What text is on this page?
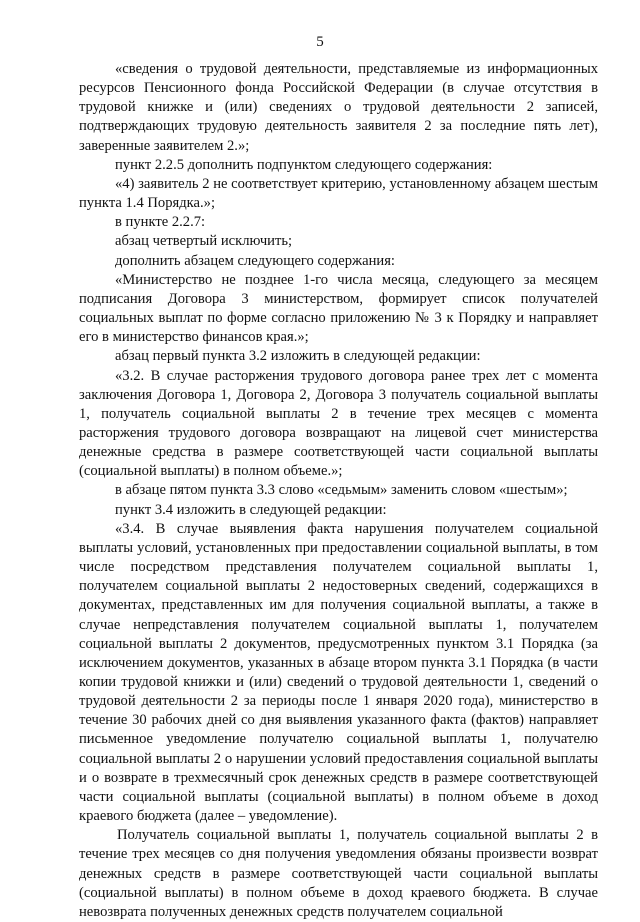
5

«сведения о трудовой деятельности, представляемые из информационных ресурсов Пенсионного фонда Российской Федерации (в случае отсутствия в трудовой книжке и (или) сведениях о трудовой деятельности 2 записей, подтверждающих трудовую деятельность заявителя 2 за последние пять лет), заверенные заявителем 2.»;

пункт 2.2.5 дополнить подпунктом следующего содержания:

«4) заявитель 2 не соответствует критерию, установленному абзацем шестым пункта 1.4 Порядка.»;

в пункте 2.2.7:

абзац четвертый исключить;

дополнить абзацем следующего содержания:

«Министерство не позднее 1-го числа месяца, следующего за месяцем подписания Договора 3 министерством, формирует список получателей социальных выплат по форме согласно приложению № 3 к Порядку и направляет его в министерство финансов края.»;

абзац первый пункта 3.2 изложить в следующей редакции:

«3.2. В случае расторжения трудового договора ранее трех лет с момента заключения Договора 1, Договора 2, Договора 3 получатель социальной выплаты 1, получатель социальной выплаты 2 в течение трех месяцев с момента расторжения трудового договора возвращают на лицевой счет министерства денежные средства в размере соответствующей части социальной выплаты (социальной выплаты) в полном объеме.»;

в абзаце пятом пункта 3.3 слово «седьмым» заменить словом «шестым»;

пункт 3.4 изложить в следующей редакции:

«3.4. В случае выявления факта нарушения получателем социальной выплаты условий, установленных при предоставлении социальной выплаты, в том числе посредством представления получателем социальной выплаты 1, получателем социальной выплаты 2 недостоверных сведений, содержащихся в документах, представленных им для получения социальной выплаты, а также в случае непредставления получателем социальной выплаты 1, получателем социальной выплаты 2 документов, предусмотренных пунктом 3.1 Порядка (за исключением документов, указанных в абзаце втором пункта 3.1 Порядка (в части копии трудовой книжки и (или) сведений о трудовой деятельности 1, сведений о трудовой деятельности 2 за периоды после 1 января 2020 года), министерство в течение 30 рабочих дней со дня выявления указанного факта (фактов) направляет письменное уведомление получателю социальной выплаты 1, получателю социальной выплаты 2 о нарушении условий предоставления социальной выплаты и о возврате в трехмесячный срок денежных средств в размере соответствующей части социальной выплаты (социальной выплаты) в полном объеме в доход краевого бюджета (далее – уведомление).

Получатель социальной выплаты 1, получатель социальной выплаты 2 в течение трех месяцев со дня получения уведомления обязаны произвести возврат денежных средств в размере соответствующей части социальной выплаты (социальной выплаты) в полном объеме в доход краевого бюджета. В случае невозврата полученных денежных средств получателем социальной
